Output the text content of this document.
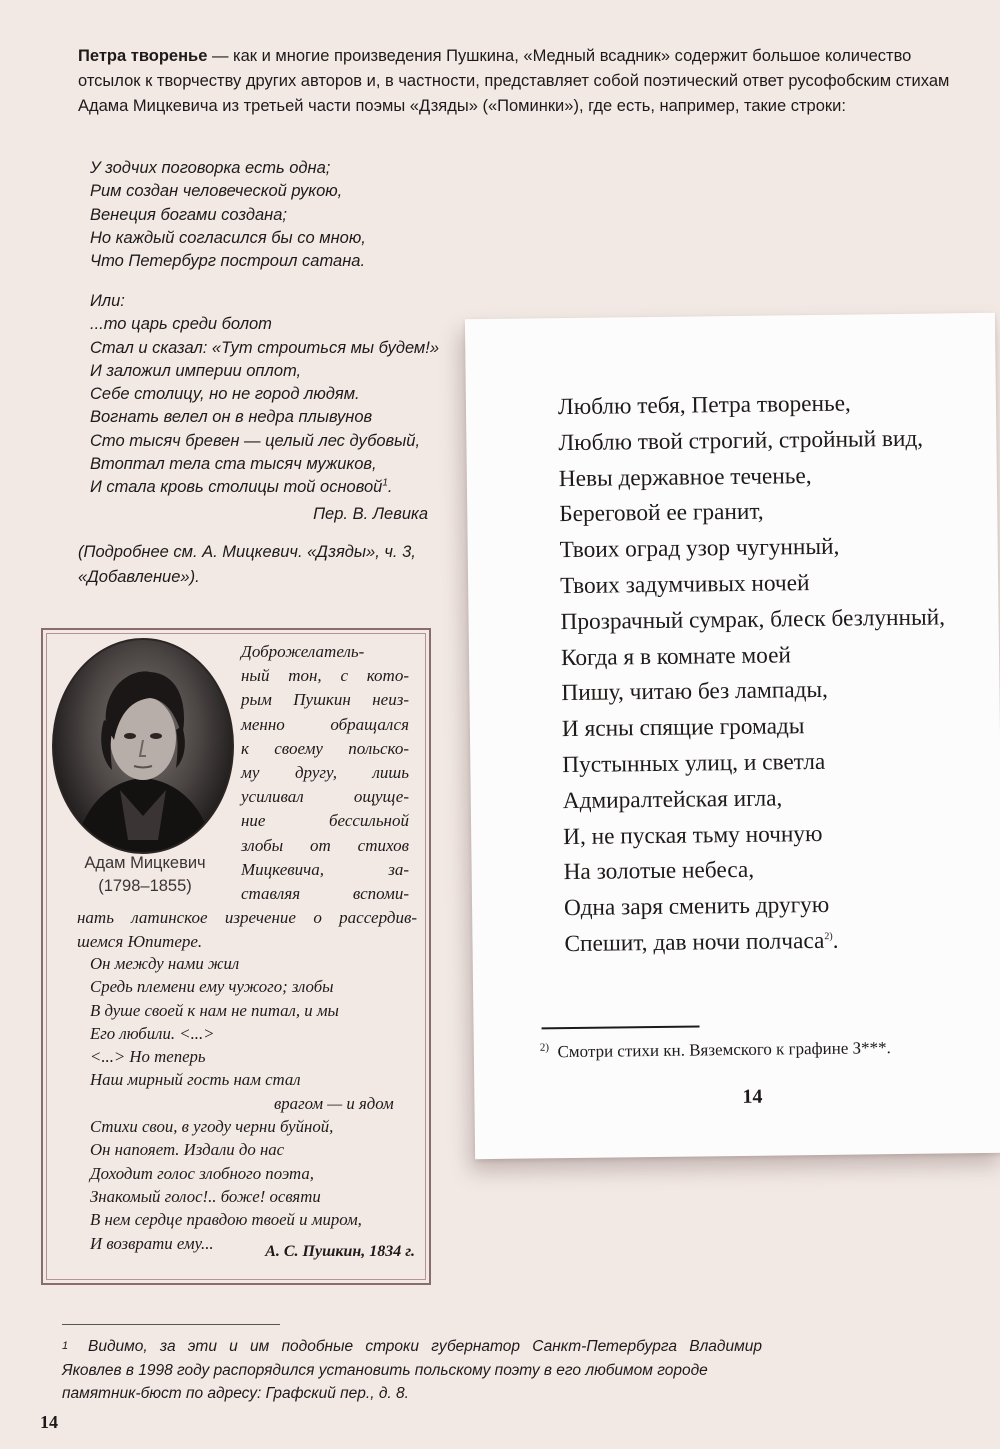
Петра творенье — как и многие произведения Пушкина, «Медный всадник» содержит большое количество отсылок к творчеству других авторов и, в частности, представляет собой поэтический ответ русофобским стихам Адама Мицкевича из третьей части поэмы «Дзяды» («Поминки»), где есть, например, такие строки:

У зодчих поговорка есть одна;
Рим создан человеческой рукою,
Венеция богами создана;
Но каждый согласился бы со мною,
Что Петербург построил сатана.
Или:
...то царь среди болот
Стал и сказал: «Тут строиться мы будем!»
И заложил империи оплот,
Себе столицу, но не город людям.
Вогнать велел он в недра плывунов
Сто тысяч бревен — целый лес дубовый,
Втоптал тела ста тысяч мужиков,
И стала кровь столицы той основой$^1$.
Пер. В. Левика
(Подробнее см. А. Мицкевич. «Дзяды», ч. 3, «Добавление»).
Адам Мицкевич
(1798–1855)
Доброжелатель-
ный тон, с кото-
рым Пушкин неиз-
менно обращался
к своему польско-
му другу, лишь
усиливал ощуще-
ние бессильной
злобы от стихов
Мицкевича, за-
ставляя вспоми-
нать латинское изречение о рассердив-
шемся Юпитере.
Он между нами жил
Средь племени ему чужого; злобы
В душе своей к нам не питал, и мы
Его любили. <...>
<...> Но теперь
Наш мирный гость нам стал
врагом — и ядом
Стихи свои, в угоду черни буйной,
Он напояет. Издали до нас
Доходит голос злобного поэта,
Знакомый голос!.. боже! освяти
В нем сердце правдою твоей и миром,
И возврати ему...	А. С. Пушкин, 1834 г.
Люблю тебя, Петра творенье,
Люблю твой строгий, стройный вид,
Невы державное теченье,
Береговой ее гранит,
Твоих оград узор чугунный,
Твоих задумчивых ночей
Прозрачный сумрак, блеск безлунный,
Когда я в комнате моей
Пишу, читаю без лампады,
И ясны спящие громады
Пустынных улиц, и светла
Адмиралтейская игла,
И, не пуская тьму ночную
На золотые небеса,
Одна заря сменить другую
Спешит, дав ночи полчаса$^{2)}$.
$^{2)}$ Смотри стихи кн. Вяземского к графине З***.
14
1 Видимо, за эти и им подобные строки губернатор Санкт-Петербурга Владимир
Яковлев в 1998 году распорядился установить польскому поэту в его любимом городе
памятник-бюст по адресу: Графский пер., д. 8.
14
